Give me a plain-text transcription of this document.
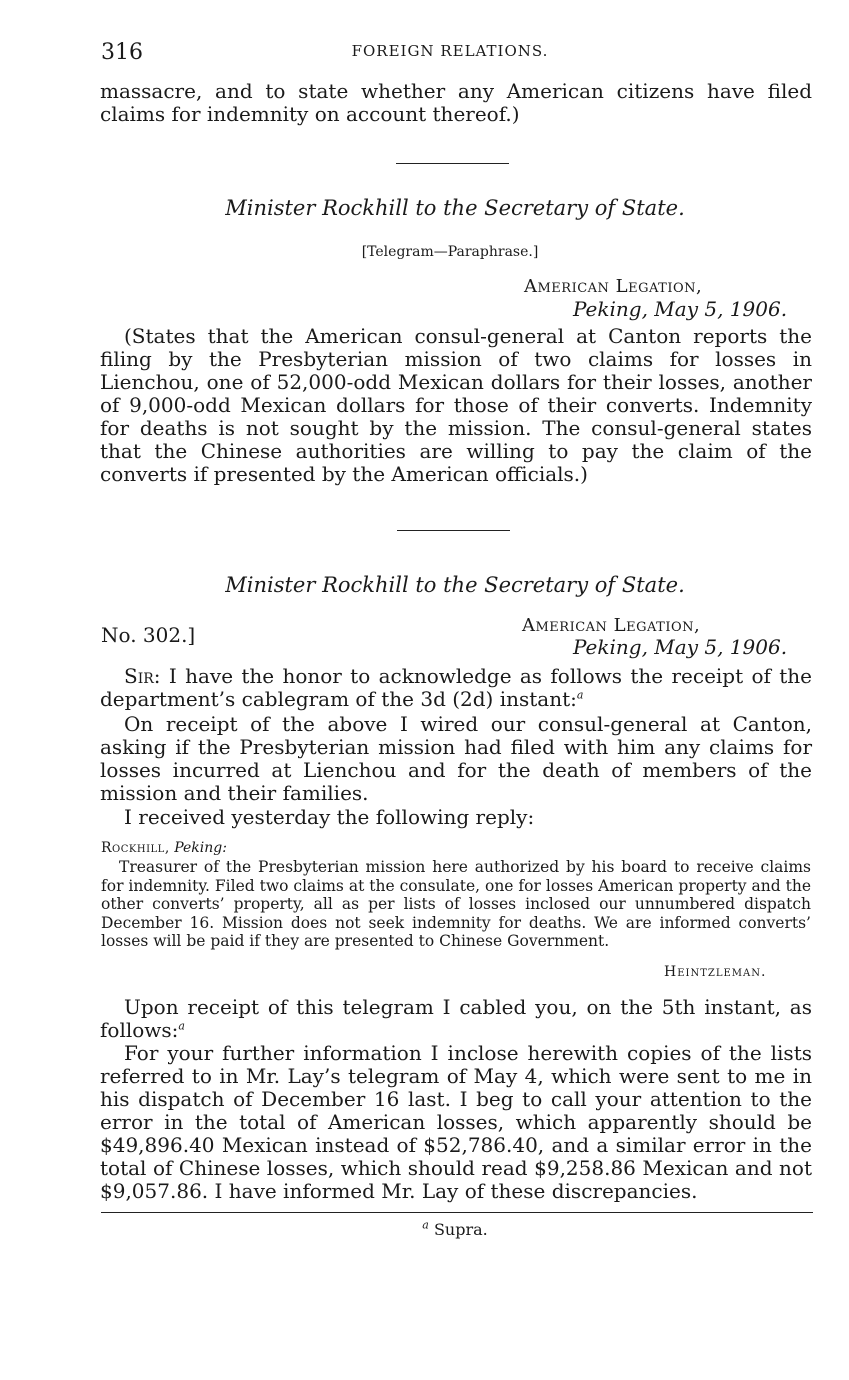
316	FOREIGN RELATIONS.
massacre, and to state whether any American citizens have filed claims for indemnity on account thereof.)
Minister Rockhill to the Secretary of State.
[Telegram—Paraphrase.]
American Legation,
Peking, May 5, 1906.
(States that the American consul-general at Canton reports the filing by the Presbyterian mission of two claims for losses in Lienchou, one of 52,000-odd Mexican dollars for their losses, another of 9,000-odd Mexican dollars for those of their converts. Indemnity for deaths is not sought by the mission. The consul-general states that the Chinese authorities are willing to pay the claim of the converts if presented by the American officials.)
Minister Rockhill to the Secretary of State.
No. 302.]	American Legation,
Peking, May 5, 1906.
Sir: I have the honor to acknowledge as follows the receipt of the department’s cablegram of the 3d (2d) instant:$^a$
On receipt of the above I wired our consul-general at Canton, asking if the Presbyterian mission had filed with him any claims for losses incurred at Lienchou and for the death of members of the mission and their families.
I received yesterday the following reply:
Rockhill, Peking:
Treasurer of the Presbyterian mission here authorized by his board to receive claims for indemnity. Filed two claims at the consulate, one for losses American property and the other converts’ property, all as per lists of losses inclosed our unnumbered dispatch December 16. Mission does not seek indemnity for deaths. We are informed converts’ losses will be paid if they are presented to Chinese Government.
Heintzleman.
Upon receipt of this telegram I cabled you, on the 5th instant, as follows:$^a$
For your further information I inclose herewith copies of the lists referred to in Mr. Lay’s telegram of May 4, which were sent to me in his dispatch of December 16 last. I beg to call your attention to the error in the total of American losses, which apparently should be $49,896.40 Mexican instead of $52,786.40, and a similar error in the total of Chinese losses, which should read $9,258.86 Mexican and not $9,057.86. I have informed Mr. Lay of these discrepancies.
$^a$ Supra.
